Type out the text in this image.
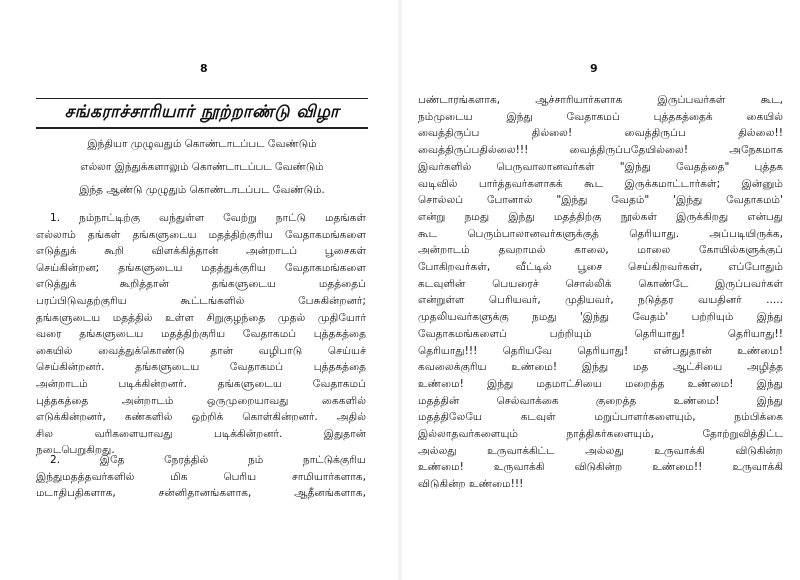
8
சங்கராச்சாரியார் நூற்றாண்டு விழா
இந்தியா முழுவதும் கொண்டாடப்பட வேண்டும்
எல்லா இந்துக்களாலும் கொண்டாடப்பட வேண்டும்
இந்த ஆண்டு முழுதும் கொண்டாடப்பட வேண்டும்.
1. நம்நாட்டிற்கு வந்துள்ள வேற்று நாட்டு மதங்கள்
எல்லாம் தங்கள் தங்களுடைய மதத்திற்குரிய வேதாகமங்களை
எடுத்துக் கூறி விளக்கித்தான் அன்றாடப் பூசைகள்
செய்கின்றன; தங்களுடைய மதத்துக்குரிய வேதாகமங்களை
எடுத்துக் கூறித்தான் தங்களுடைய மதத்தைப்
பரப்பிடுவதற்குரிய கூட்டங்களில் பேசுகின்றனர்;
தங்களுடைய மதத்தில் உள்ள சிறுகுழந்தை முதல் முதியோர்
வரை தங்களுடைய மதத்திற்குரிய வேதாகமப் புத்தகத்தை
கையில் வைத்துக்கொண்டு தான் வழிபாடு செய்யச்
செய்கின்றனர். தங்களுடைய வேதாகமப் புத்தகத்தை
அன்றாடம் படிக்கின்றனர். தங்களுடைய வேதாகமப்
புத்தகத்தை அன்றாடம் ஒருமுறையாவது கைகளில்
எடுக்கின்றனர், கண்களில் ஒற்றிக் கொள்கின்றனர். அதில்
சில வரிகளையாவது படிக்கின்றனர். இதுதான்
நடைபெறுகிறது.
2. இதே நேரத்தில் நம் நாட்டுக்குரிய
இந்துமதத்தவர்களில் மிக பெரிய சாமியார்களாக,
மடாதிபதிகளாக, சன்னிதானங்களாக, ஆதீனங்களாக,
9
பண்டாரங்களாக, ஆச்சாரியார்களாக இருப்பவர்கள் கூட,
நம்முடைய இந்து வேதாகமப் புத்தகத்தைக் கையில்
வைத்திருப்ப தில்லை! வைத்திருப்ப தில்லை!!
வைத்திருப்பதில்லை!!! வைத்திருப்பதேயில்லை! அநேகமாக
இவர்களில் பெருவாலானவர்கள் "இந்து வேதத்தை" புத்தக
வடிவில் பார்த்தவர்களாகக் கூட இருக்கமாட்டார்கள்; இன்னும்
சொல்லப் போனால் "இந்து வேதம்" 'இந்து வேதாகமம்'
என்று நமது இந்து மதத்திற்கு நூல்கள் இருக்கிறது என்பது
கூட பெரும்பாலானவர்களுக்குத் தெரியாது. அப்படியிருக்க,
அன்றாடம் தவறாமல் காலை, மாலை கோயில்களுக்குப்
போகிறவர்கள், வீட்டில் பூசை செய்கிறவர்கள், எப்போதும்
கடவுளின் பெயரைச் சொல்லிக் கொண்டே இருப்பவர்கள்
என்றுள்ள பெரியவர், முதியவர், நடுத்தர வயதினர் .....
முதலியவர்களுக்கு நமது 'இந்து வேதம்' பற்றியும் இந்து
வேதாகமங்களைப் பற்றியும் தெரியாது! தெரியாது!!
தெரியாது!!! தெரியவே தெரியாது! என்பதுதான் உண்மை!
கவலைக்குரிய உண்மை! இந்து மத ஆட்சியை அழித்த
உண்மை! இந்து மதமாட்சியை மறைத்த உண்மை! இந்து
மதத்தின் செல்வாக்கை குறைத்த உண்மை! இந்து
மதத்திலேயே கடவுள் மறுப்பாளர்களையும், நம்பிக்கை
இல்லாதவர்களையும் நாத்திகர்களையும், தோற்றுவித்திட்ட
அல்லது உருவாக்கிட்ட அல்லது உருவாக்கி விடுகின்ற
உண்மை! உருவாக்கி விடுகின்ற உண்மை!! உருவாக்கி
விடுகின்ற உண்மை!!!
